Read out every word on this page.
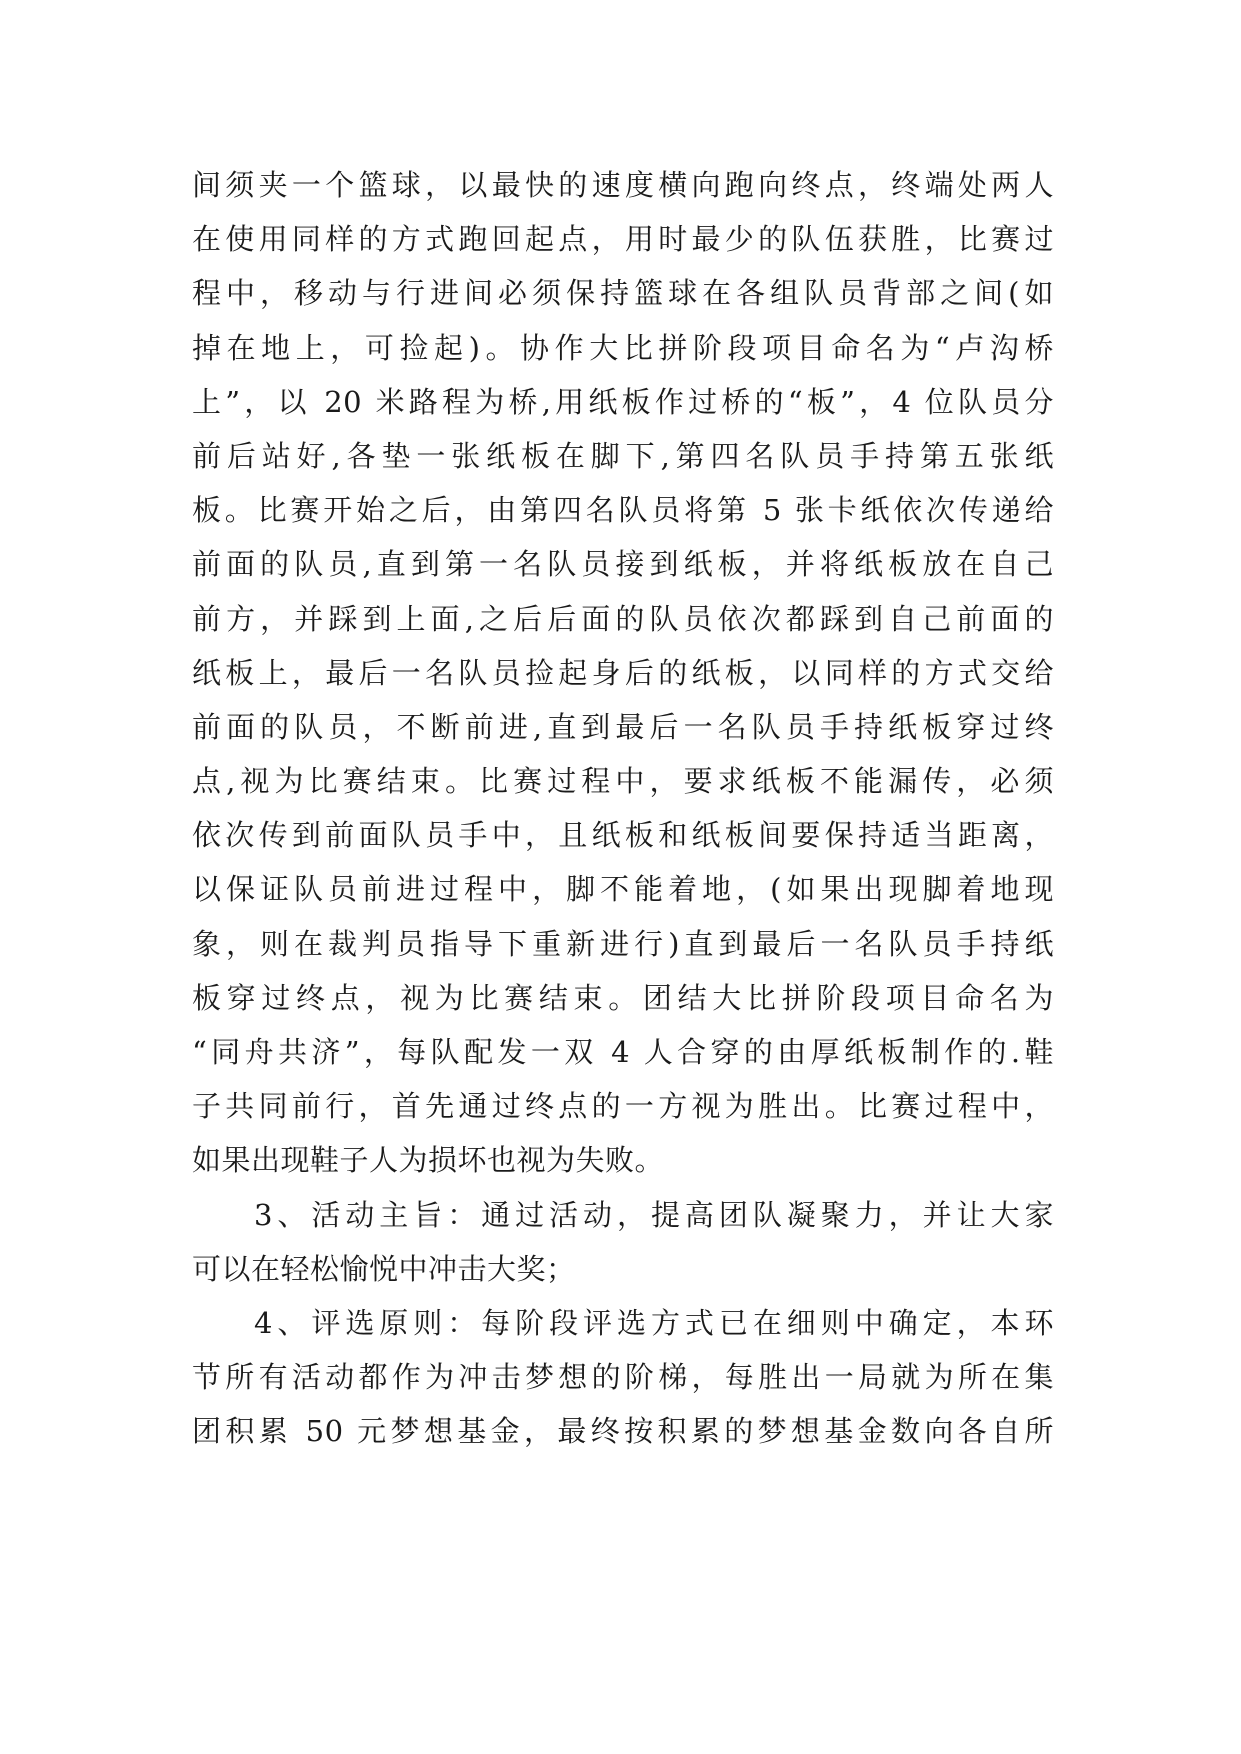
间须夹一个篮球，以最快的速度横向跑向终点，终端处两人
在使用同样的方式跑回起点，用时最少的队伍获胜，比赛过
程中，移动与行进间必须保持篮球在各组队员背部之间(如
掉在地上，可捡起)。协作大比拼阶段项目命名为“卢沟桥
上”，以 20 米路程为桥,用纸板作过桥的“板”，4 位队员分
前后站好,各垫一张纸板在脚下,第四名队员手持第五张纸
板。比赛开始之后，由第四名队员将第 5 张卡纸依次传递给
前面的队员,直到第一名队员接到纸板，并将纸板放在自己
前方，并踩到上面,之后后面的队员依次都踩到自己前面的
纸板上，最后一名队员捡起身后的纸板，以同样的方式交给
前面的队员，不断前进,直到最后一名队员手持纸板穿过终
点,视为比赛结束。比赛过程中，要求纸板不能漏传，必须
依次传到前面队员手中，且纸板和纸板间要保持适当距离，
以保证队员前进过程中，脚不能着地，(如果出现脚着地现
象，则在裁判员指导下重新进行)直到最后一名队员手持纸
板穿过终点，视为比赛结束。团结大比拼阶段项目命名为
“同舟共济”，每队配发一双 4 人合穿的由厚纸板制作的.鞋
子共同前行，首先通过终点的一方视为胜出。比赛过程中，
如果出现鞋子人为损坏也视为失败。
3、活动主旨：通过活动，提高团队凝聚力，并让大家
可以在轻松愉悦中冲击大奖；
4、评选原则：每阶段评选方式已在细则中确定，本环
节所有活动都作为冲击梦想的阶梯，每胜出一局就为所在集
团积累 50 元梦想基金，最终按积累的梦想基金数向各自所
